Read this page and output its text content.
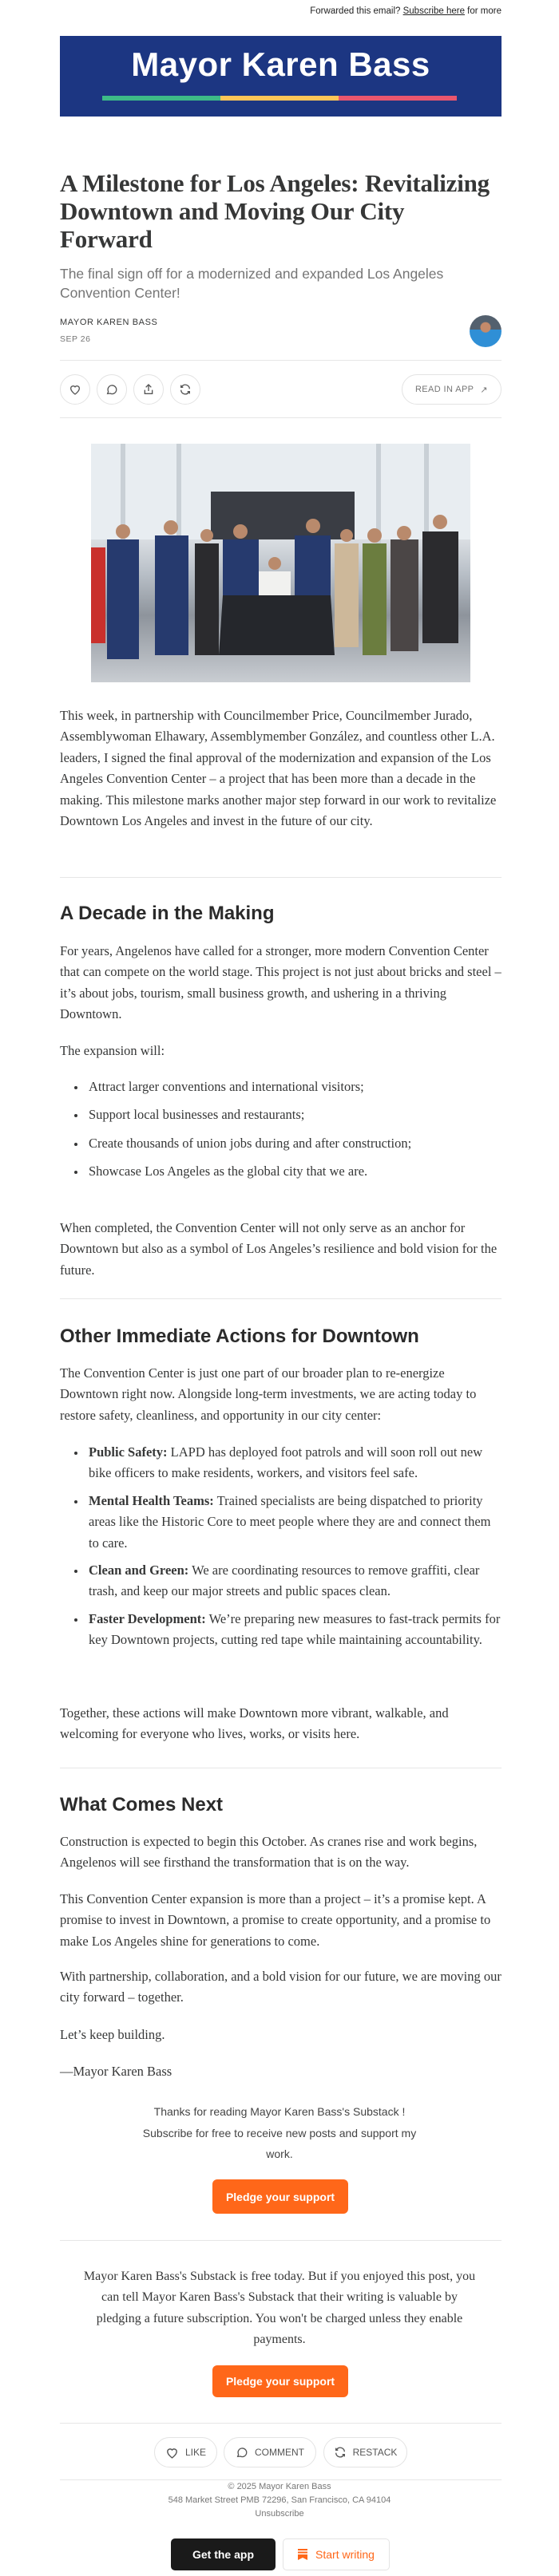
Forwarded this email? Subscribe here for more
Mayor Karen Bass
A Milestone for Los Angeles: Revitalizing Downtown and Moving Our City Forward
The final sign off for a modernized and expanded Los Angeles Convention Center!
MAYOR KAREN BASS
SEP 26
READ IN APP ↗
This week, in partnership with Councilmember Price, Councilmember Jurado, Assemblywoman Elhawary, Assemblymember González, and countless other L.A. leaders, I signed the final approval of the modernization and expansion of the Los Angeles Convention Center – a project that has been more than a decade in the making. This milestone marks another major step forward in our work to revitalize Downtown Los Angeles and invest in the future of our city.
A Decade in the Making
For years, Angelenos have called for a stronger, more modern Convention Center that can compete on the world stage. This project is not just about bricks and steel – it’s about jobs, tourism, small business growth, and ushering in a thriving Downtown.
The expansion will:
Attract larger conventions and international visitors;
Support local businesses and restaurants;
Create thousands of union jobs during and after construction;
Showcase Los Angeles as the global city that we are.
When completed, the Convention Center will not only serve as an anchor for Downtown but also as a symbol of Los Angeles’s resilience and bold vision for the future.
Other Immediate Actions for Downtown
The Convention Center is just one part of our broader plan to re-energize Downtown right now. Alongside long-term investments, we are acting today to restore safety, cleanliness, and opportunity in our city center:
Public Safety: LAPD has deployed foot patrols and will soon roll out new bike officers to make residents, workers, and visitors feel safe.
Mental Health Teams: Trained specialists are being dispatched to priority areas like the Historic Core to meet people where they are and connect them to care.
Clean and Green: We are coordinating resources to remove graffiti, clear trash, and keep our major streets and public spaces clean.
Faster Development: We’re preparing new measures to fast-track permits for key Downtown projects, cutting red tape while maintaining accountability.
Together, these actions will make Downtown more vibrant, walkable, and welcoming for everyone who lives, works, or visits here.
What Comes Next
Construction is expected to begin this October. As cranes rise and work begins, Angelenos will see firsthand the transformation that is on the way.
This Convention Center expansion is more than a project – it’s a promise kept. A promise to invest in Downtown, a promise to create opportunity, and a promise to make Los Angeles shine for generations to come.
With partnership, collaboration, and a bold vision for our future, we are moving our city forward – together.
Let’s keep building.
—Mayor Karen Bass
Thanks for reading Mayor Karen Bass's Substack ! Subscribe for free to receive new posts and support my work.
Pledge your support
Mayor Karen Bass's Substack is free today. But if you enjoyed this post, you can tell Mayor Karen Bass's Substack that their writing is valuable by pledging a future subscription. You won't be charged unless they enable payments.
Pledge your support
LIKE	COMMENT	RESTACK
© 2025 Mayor Karen Bass
548 Market Street PMB 72296, San Francisco, CA 94104
Unsubscribe
Get the app	Start writing
